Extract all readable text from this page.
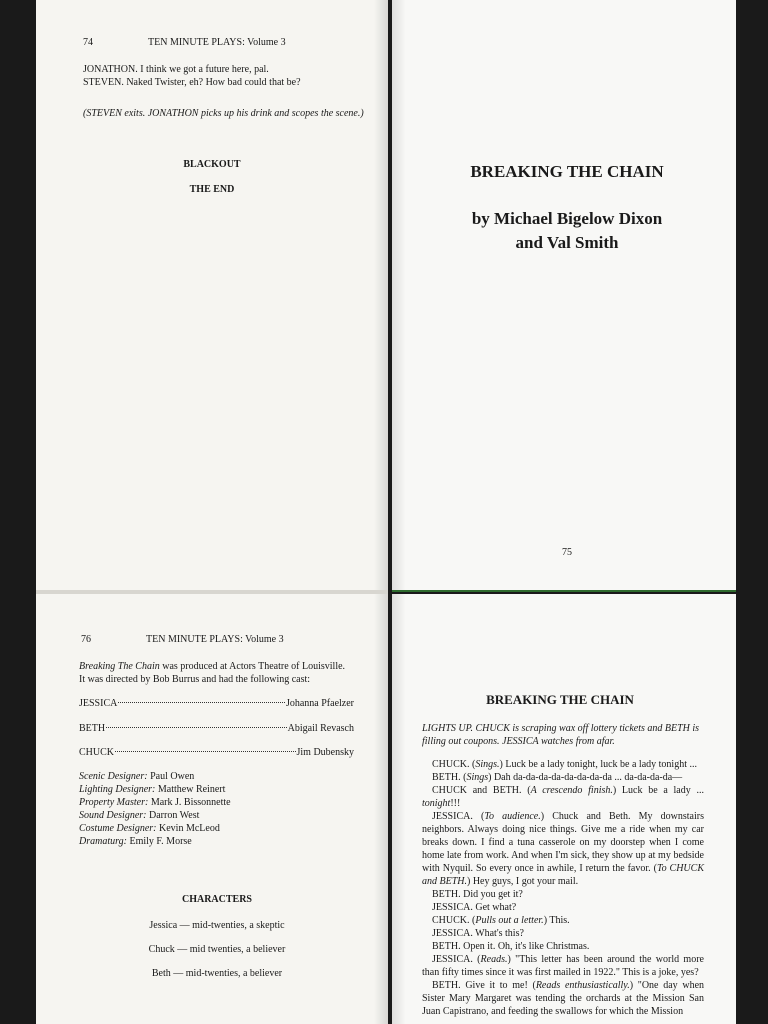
74	TEN MINUTE PLAYS: Volume 3
JONATHON. I think we got a future here, pal.
STEVEN. Naked Twister, eh? How bad could that be?
(STEVEN exits. JONATHON picks up his drink and scopes the scene.)
BLACKOUT
THE END
BREAKING THE CHAIN
by Michael Bigelow Dixon
and Val Smith
75
76	TEN MINUTE PLAYS: Volume 3
Breaking The Chain was produced at Actors Theatre of Louisville.
It was directed by Bob Burrus and had the following cast:
JESSICA	Johanna Pfaelzer
BETH	Abigail Revasch
CHUCK	Jim Dubensky
Scenic Designer: Paul Owen
Lighting Designer: Matthew Reinert
Property Master: Mark J. Bissonnette
Sound Designer: Darron West
Costume Designer: Kevin McLeod
Dramaturg: Emily F. Morse
CHARACTERS
Jessica — mid-twenties, a skeptic
Chuck — mid twenties, a believer
Beth — mid-twenties, a believer
BREAKING THE CHAIN
LIGHTS UP. CHUCK is scraping wax off lottery tickets and BETH is filling out coupons. JESSICA watches from afar.

CHUCK. (Sings.) Luck be a lady tonight, luck be a lady tonight ...

BETH. (Sings) Dah da-da-da-da-da-da-da-da ... da-da-da-da—

CHUCK and BETH. (A crescendo finish.) Luck be a lady ... tonight!!!

JESSICA. (To audience.) Chuck and Beth. My downstairs neighbors. Always doing nice things. Give me a ride when my car breaks down. I find a tuna casserole on my doorstep when I come home late from work. And when I'm sick, they show up at my bedside with Nyquil. So every once in awhile, I return the favor. (To CHUCK and BETH.) Hey guys, I got your mail.

BETH. Did you get it?

JESSICA. Get what?

CHUCK. (Pulls out a letter.) This.

JESSICA. What's this?

BETH. Open it. Oh, it's like Christmas.

JESSICA. (Reads.) "This letter has been around the world more than fifty times since it was first mailed in 1922." This is a joke, yes?

BETH. Give it to me! (Reads enthusiastically.) "One day when Sister Mary Margaret was tending the orchards at the Mission San Juan Capistrano, and feeding the swallows for which the Mission
